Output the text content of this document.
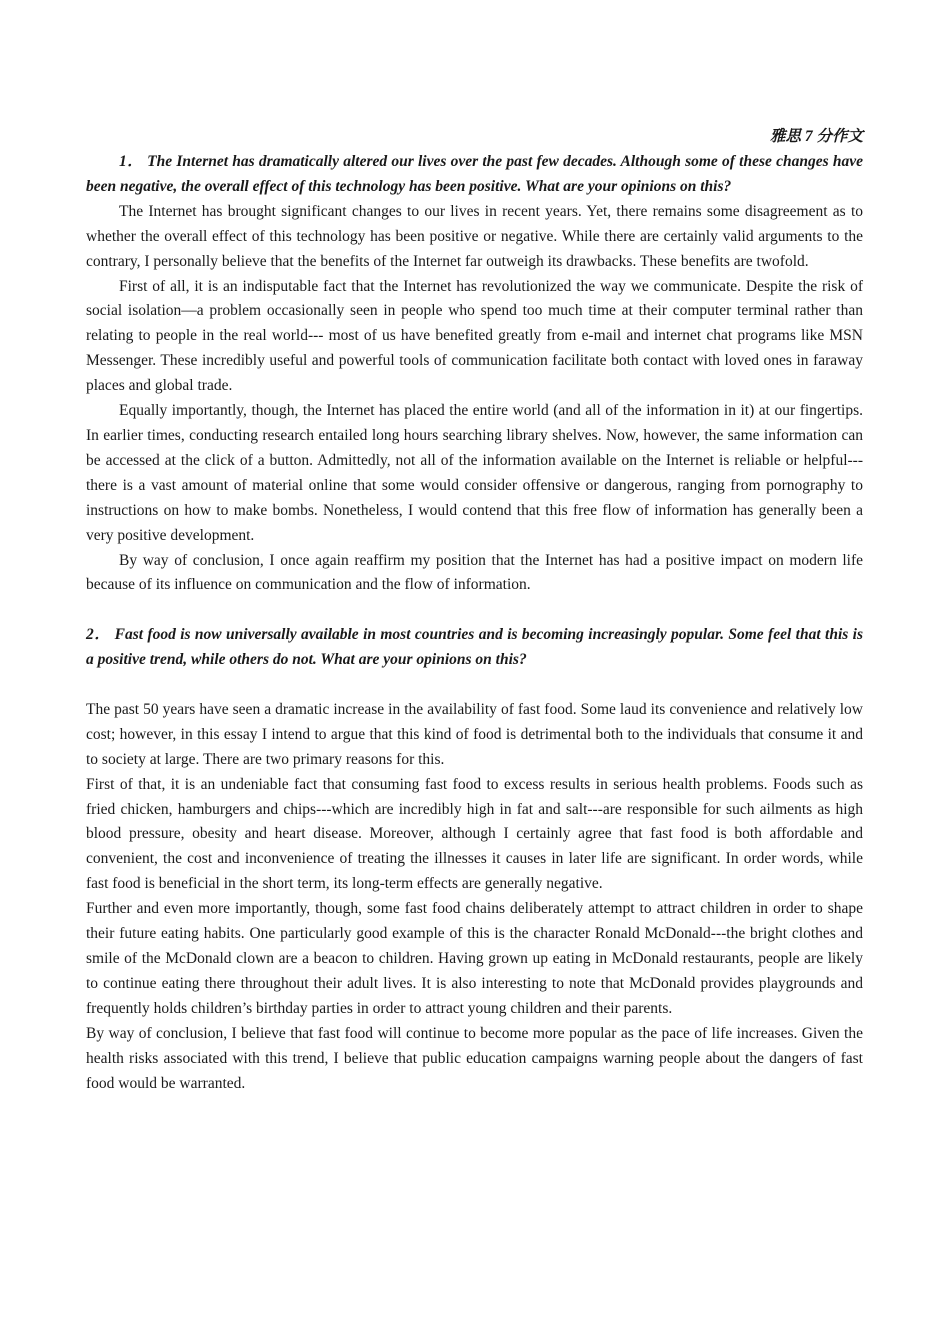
雅思 7 分作文

1． The Internet has dramatically altered our lives over the past few decades. Although some of these changes have been negative, the overall effect of this technology has been positive. What are your opinions on this?

The Internet has brought significant changes to our lives in recent years. Yet, there remains some disagreement as to whether the overall effect of this technology has been positive or negative. While there are certainly valid arguments to the contrary, I personally believe that the benefits of the Internet far outweigh its drawbacks. These benefits are twofold.

First of all, it is an indisputable fact that the Internet has revolutionized the way we communicate. Despite the risk of social isolation—a problem occasionally seen in people who spend too much time at their computer terminal rather than relating to people in the real world--- most of us have benefited greatly from e-mail and internet chat programs like MSN Messenger. These incredibly useful and powerful tools of communication facilitate both contact with loved ones in faraway places and global trade.

Equally importantly, though, the Internet has placed the entire world (and all of the information in it) at our fingertips. In earlier times, conducting research entailed long hours searching library shelves. Now, however, the same information can be accessed at the click of a button. Admittedly, not all of the information available on the Internet is reliable or helpful---there is a vast amount of material online that some would consider offensive or dangerous, ranging from pornography to instructions on how to make bombs. Nonetheless, I would contend that this free flow of information has generally been a very positive development.

By way of conclusion, I once again reaffirm my position that the Internet has had a positive impact on modern life because of its influence on communication and the flow of information.

2． Fast food is now universally available in most countries and is becoming increasingly popular. Some feel that this is a positive trend, while others do not. What are your opinions on this?

The past 50 years have seen a dramatic increase in the availability of fast food. Some laud its convenience and relatively low cost; however, in this essay I intend to argue that this kind of food is detrimental both to the individuals that consume it and to society at large. There are two primary reasons for this.

First of that, it is an undeniable fact that consuming fast food to excess results in serious health problems. Foods such as fried chicken, hamburgers and chips---which are incredibly high in fat and salt---are responsible for such ailments as high blood pressure, obesity and heart disease. Moreover, although I certainly agree that fast food is both affordable and convenient, the cost and inconvenience of treating the illnesses it causes in later life are significant. In order words, while fast food is beneficial in the short term, its long-term effects are generally negative.

Further and even more importantly, though, some fast food chains deliberately attempt to attract children in order to shape their future eating habits. One particularly good example of this is the character Ronald McDonald---the bright clothes and smile of the McDonald clown are a beacon to children. Having grown up eating in McDonald restaurants, people are likely to continue eating there throughout their adult lives. It is also interesting to note that McDonald provides playgrounds and frequently holds children’s birthday parties in order to attract young children and their parents.

By way of conclusion, I believe that fast food will continue to become more popular as the pace of life increases. Given the health risks associated with this trend, I believe that public education campaigns warning people about the dangers of fast food would be warranted.
